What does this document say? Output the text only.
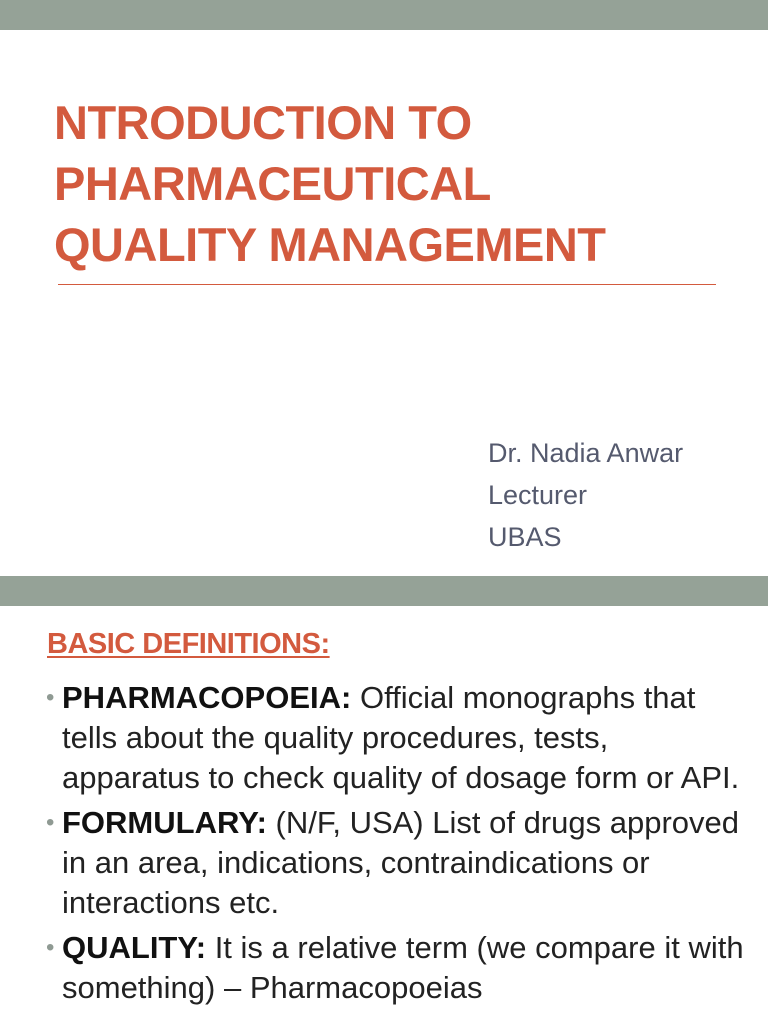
NTRODUCTION TO
PHARMACEUTICAL
QUALITY MANAGEMENT
Dr. Nadia Anwar
Lecturer
UBAS
BASIC DEFINITIONS:
• PHARMACOPOEIA: Official monographs that tells about the quality procedures, tests, apparatus to check quality of dosage form or API.
• FORMULARY: (N/F, USA) List of drugs approved in an area, indications, contraindications or interactions etc.
• QUALITY: It is a relative term (we compare it with something) – Pharmacopoeias
